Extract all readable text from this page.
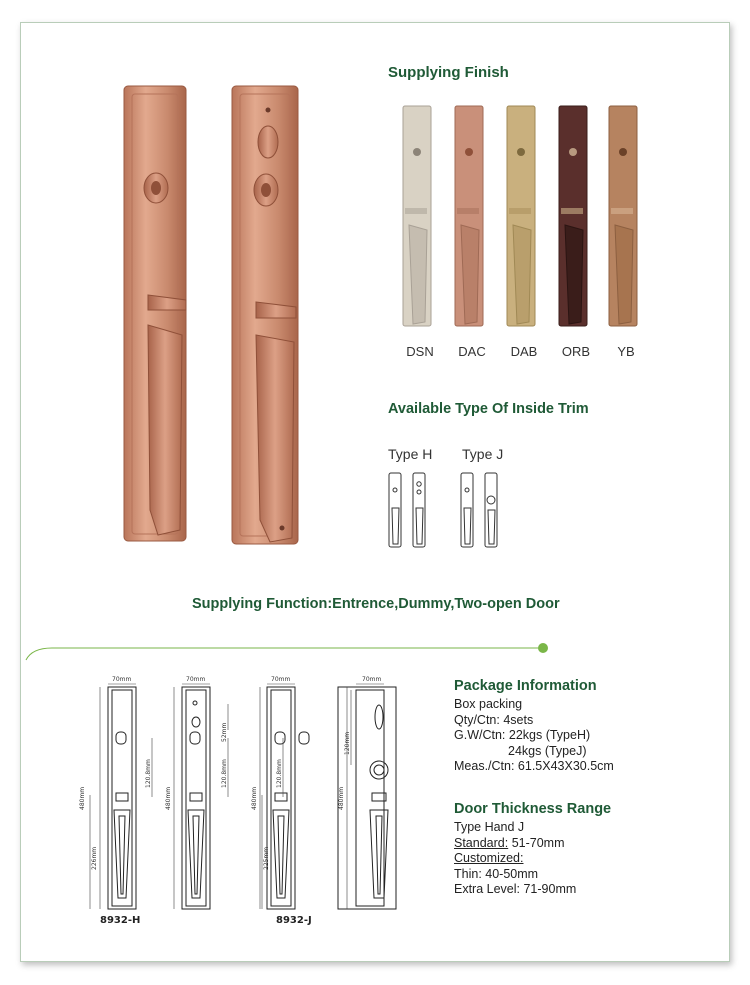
Supplying Finish
DSN	DAC	DAB	ORB	YB
Available Type Of Inside Trim
Type H Type J
Supplying Function:Entrence,Dummy,Two-open Door
70mm	70mm	70mm	70mm
480mm	480mm	480mm	480mm
120.8mm	120.8mm	120.8mm
52mm	120mm
226mm	225mm
8932-H	8932-J
Package Information
Box packing
Qty/Ctn: 4sets
G.W/Ctn: 22kgs (TypeH)
24kgs (TypeJ)
Meas./Ctn: 61.5X43X30.5cm
Door Thickness Range
Type Hand J
Standard: 51-70mm
Customized:
Thin: 40-50mm
Extra Level: 71-90mm
